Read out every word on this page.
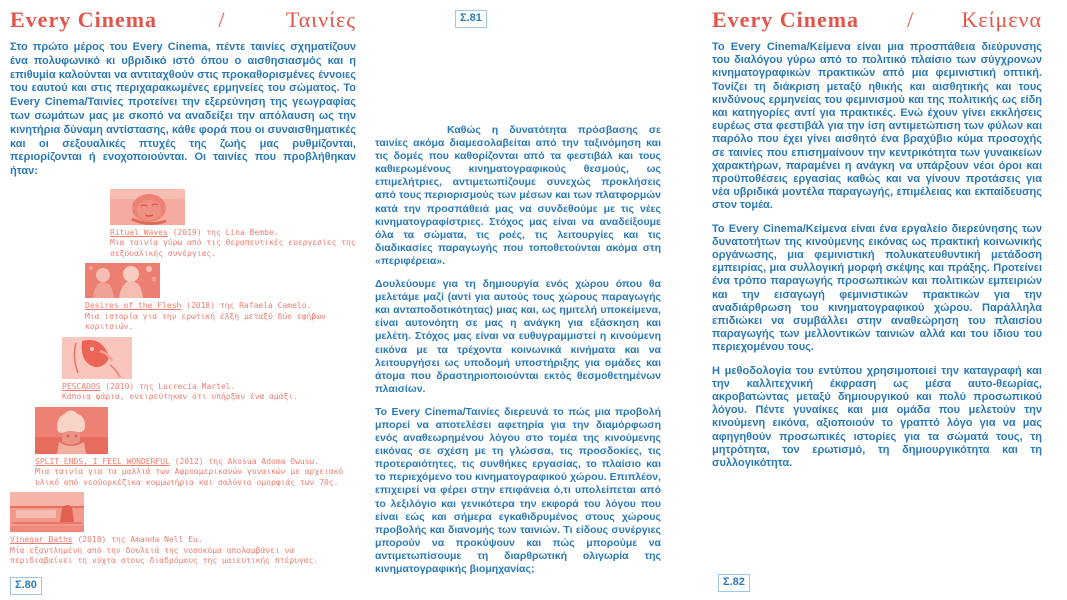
Every Cinema	/	Ταινίες

Στο πρώτο μέρος του Every Cinema, πέντε ταινίες σχηματίζουν ένα πολυφωνικό κι υβριδικό ιστό όπου ο αισθησιασμός και η επιθυμία καλούνται να αντιταχθούν στις προκαθορισμένες έννοιες του εαυτού και στις περιχαρακωμένες ερμηνείες του σώματος. Το Every Cinema/Ταινίες προτείνει την εξερεύνηση της γεωγραφίας των σωμάτων μας με σκοπό να αναδείξει την απόλαυση ως την κινητήρια δύναμη αντίστασης, κάθε φορά που οι συναισθηματικές και οι σεξουαλικές πτυχές της ζωής μας ρυθμίζονται, περιορίζονται ή ενοχοποιούνται. Οι ταινίες που προβλήθηκαν ήταν:

Ritual Waves (2019) της Lina Bembe.
Μια ταινία γύρω από τις θεραπευτικές ευεργεσίες της σεξουαλικής συνέργιας.
Desires of the Flesh (2018) της Rafaela Camelo.
Μια ιστορία για την ερωτική έλξη μεταξύ δύο εφήβων κοριτσιών.
PESCADOS (2010) της Lucrecia Martel.
Κάποια ψάρια, ονειρεύτηκαν ότι υπήρξαν ένα αμάξι.
SPLIT ENDS, I FEEL WONDERFUL (2012) της Akosua Adoma Owusu.
Μια ταινία για τα μαλλιά των Αφροαμερικανών γυναικών με αρχειακό υλικό από νεοϋορκέζικα κομμωτήρια και σαλόνια ομορφιάς των 70ς.
Vinegar Baths (2018) της Amanda Nell Eu.
Μία εξαντλημένη από την δουλειά της νοσοκόμα απολαμβάνει να περιδιαβαίνει τη νύχτα στους διαδρόμους της μαιευτικής πτέρυγας.

Καθώς η δυνατότητα πρόσβασης σε ταινίες ακόμα διαμεσολαβείται από την ταξινόμηση και τις δομές που καθορίζονται από τα φεστιβάλ και τους καθιερωμένους κινηματογραφικούς θεσμούς, ως επιμελήτριες, αντιμετωπίζουμε συνεχώς προκλήσεις από τους περιορισμούς των μέσων και των πλατφορμών κατά την προσπάθειά μας να συνδεθούμε με τις νέες κινηματογραφίστριες. Στόχος μας είναι να αναδείξουμε όλα τα σώματα, τις ροές, τις λειτουργίες και τις διαδικασίες παραγωγής που τοποθετούνται ακόμα στη «περιφέρεια».

Δουλεύουμε για τη δημιουργία ενός χώρου όπου θα μελετάμε μαζί (αντί για αυτούς τους χώρους παραγωγής και ανταποδοτικότητας) μιας και, ως ημιτελή υποκείμενα, είναι αυτονόητη σε μας η ανάγκη για εξάσκηση και μελέτη. Στόχος μας είναι να ευθυγραμμιστεί η κινούμενη εικόνα με τα τρέχοντα κοινωνικά κινήματα και να λειτουργήσει ως υποδομή υποστήριξης για ομάδες και άτομα που δραστηριοποιούνται εκτός θεσμοθετημένων πλαισίων.

Το Every Cinema/Ταινίες διερευνά το πώς μια προβολή μπορεί να αποτελέσει αφετηρία για την διαμόρφωση ενός αναθεωρημένου λόγου στο τομέα της κινούμενης εικόνας σε σχέση με τη γλώσσα, τις προσδοκίες, τις προτεραιότητες, τις συνθήκες εργασίας, το πλαίσιο και το περιεχόμενο του κινηματογραφικού χώρου. Επιπλέον, επιχειρεί να φέρει στην επιφάνεια ό,τι υπολείπεται από το λεξιλόγιο και γενικότερα την εκφορά του λόγου που είναι εώς και σήμερα εγκαθιδρυμένος στους χώρους προβολής και διανομής των ταινιών. Τι είδους συνέργιες μπορούν να προκύψουν και πώς μπορούμε να αντιμετωπίσουμε τη διαρθρωτική ολιγωρία της κινηματογραφικής βιομηχανίας;

Every Cinema / Κείμενα

Το Every Cinema/Κείμενα είναι μια προσπάθεια διεύρυνσης του διαλόγου γύρω από το πολιτικό πλαίσιο των σύγχρονων κινηματογραφικών πρακτικών από μια φεμινιστική οπτική. Τονίζει τη διάκριση μεταξύ ηθικής και αισθητικής και τους κινδύνους ερμηνείας του φεμινισμού και της πολιτικής ως είδη και κατηγορίες αντί για πρακτικές. Ενώ έχουν γίνει εκκλήσεις ευρέως στα φεστιβάλ για την ίση αντιμετώπιση των φύλων και παρόλο που έχει γίνει αισθητό ένα βραχύβιο κύμα προσοχής σε ταινίες που επισημαίνουν την κεντρικότητα των γυναικείων χαρακτήρων, παραμένει η ανάγκη να υπάρξουν νέοι όροι και προϋποθέσεις εργασίας καθώς και να γίνουν προτάσεις για νέα υβριδικά μοντέλα παραγωγής, επιμέλειας και εκπαίδευσης στον τομέα.

Το Every Cinema/Κείμενα είναι ένα εργαλείο διερεύνησης των δυνατοτήτων της κινούμενης εικόνας ως πρακτική κοινωνικής οργάνωσης, μια φεμινιστική πολυκατευθυντική μετάδοση εμπειρίας, μια συλλογική μορφή σκέψης και πράξης. Προτείνει ένα τρόπο παραγωγής προσωπικών και πολιτικών εμπειριών και την εισαγωγή φεμινιστικών πρακτικών για την αναδιάρθρωση του κινηματογραφικού χώρου. Παράλληλα επιδιώκει να συμβάλλει στην αναθεώρηση του πλαισίου παραγωγής των μελλοντικών ταινιών αλλά και του ίδιου του περιεχομένου τους.

Η μεθοδολογία του εντύπου χρησιμοποιεί την καταγραφή και την καλλιτεχνική έκφραση ως μέσα αυτο-θεωρίας, ακροβατώντας μεταξύ δημιουργικού και πολύ προσωπικού λόγου. Πέντε γυναίκες και μια ομάδα που μελετούν την κινούμενη εικόνα, αξιοποιούν το γραπτό λόγο για να μας αφηγηθούν προσωπικές ιστορίες για τα σώματά τους, τη μητρότητα, τον ερωτισμό, τη δημιουργικότητα και τη συλλογικότητα.

Σ.80
Σ.81
Σ.82
